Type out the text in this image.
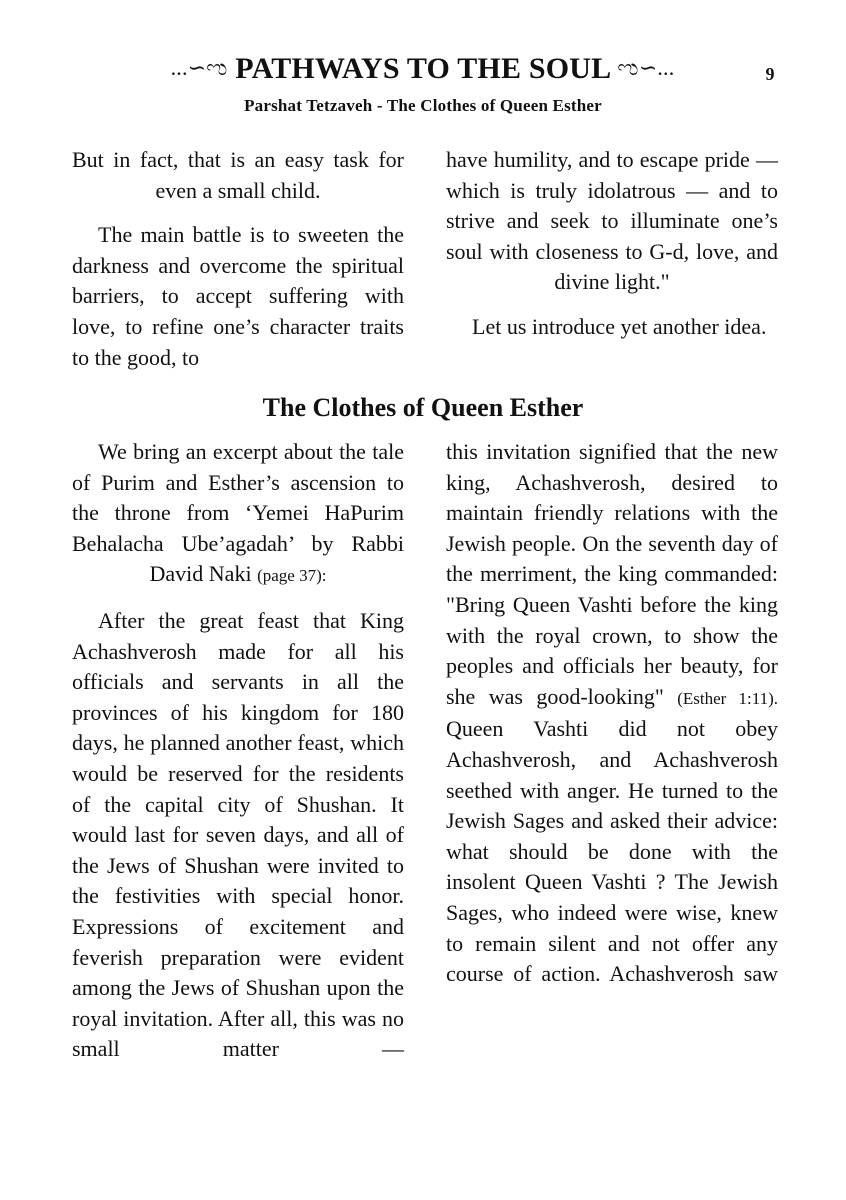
...∽ಌ PATHWAYS TO THE SOUL ಌ∽...	9
Parshat Tetzaveh - The Clothes of Queen Esther

But in fact, that is an easy task for even a small child.

The main battle is to sweeten the darkness and overcome the spiritual barriers, to accept suffering with love, to refine one’s character traits to the good, to

have humility, and to escape pride — which is truly idolatrous — and to strive and seek to illuminate one’s soul with closeness to G-d, love, and divine light."

Let us introduce yet another idea.

The Clothes of Queen Esther

We bring an excerpt about the tale of Purim and Esther’s ascension to the throne from ‘Yemei HaPurim Behalacha Ube’agadah’ by Rabbi David Naki (page 37):

After the great feast that King Achashverosh made for all his officials and servants in all the provinces of his kingdom for 180 days, he planned another feast, which would be reserved for the residents of the capital city of Shushan. It would last for seven days, and all of the Jews of Shushan were invited to the festivities with special honor. Expressions of excitement and feverish preparation were evident among the Jews of Shushan upon the royal invitation. After all, this was no small matter —

this invitation signified that the new king, Achashverosh, desired to maintain friendly relations with the Jewish people. On the seventh day of the merriment, the king commanded: "Bring Queen Vashti before the king with the royal crown, to show the peoples and officials her beauty, for she was good-looking" (Esther 1:11). Queen Vashti did not obey Achashverosh, and Achashverosh seethed with anger. He turned to the Jewish Sages and asked their advice: what should be done with the insolent Queen Vashti ? The Jewish Sages, who indeed were wise, knew to remain silent and not offer any course of action. Achashverosh saw
